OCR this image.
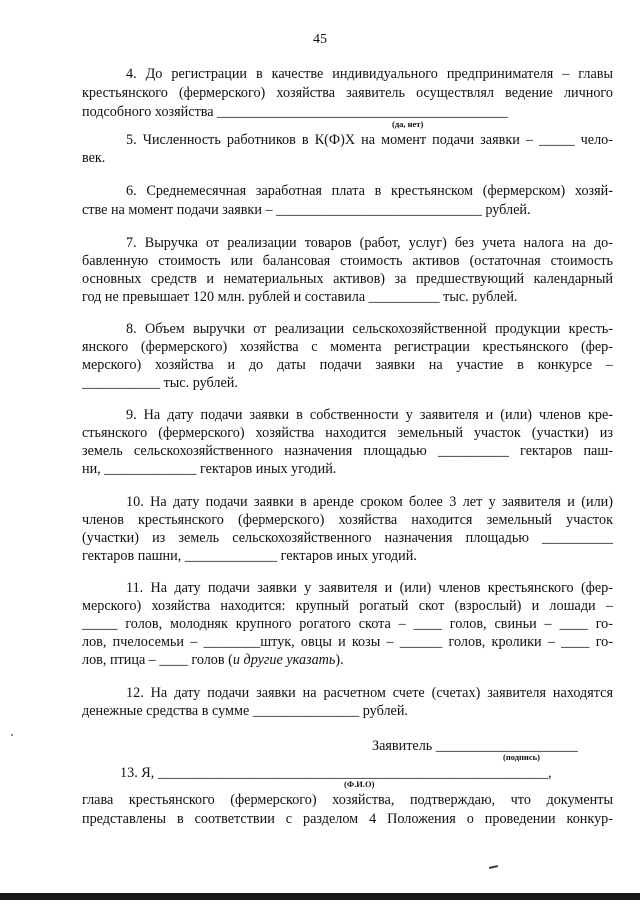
45
4. До регистрации в качестве индивидуального предпринимателя – главы
крестьянского (фермерского) хозяйства заявитель осуществлял ведение личного
подсобного хозяйства _________________________________________
(да, нет)
5. Численность работников в К(Ф)Х на момент подачи заявки – _____ чело-
век.
6. Среднемесячная заработная плата в крестьянском (фермерском) хозяй-
стве на момент подачи заявки – _____________________________ рублей.
7. Выручка от реализации товаров (работ, услуг) без учета налога на до-
бавленную стоимость или балансовая стоимость активов (остаточная стоимость
основных средств и нематериальных активов) за предшествующий календарный
год не превышает 120 млн. рублей и составила __________ тыс. рублей.
8. Объем выручки от реализации сельскохозяйственной продукции кресть-
янского (фермерского) хозяйства с момента регистрации крестьянского (фер-
мерского) хозяйства и до даты подачи заявки на участие в конкурсе –
___________ тыс. рублей.
9. На дату подачи заявки в собственности у заявителя и (или) членов кре-
стьянского (фермерского) хозяйства находится земельный участок (участки) из
земель сельскохозяйственного назначения площадью __________ гектаров паш-
ни, _____________ гектаров иных угодий.
10. На дату подачи заявки в аренде сроком более 3 лет у заявителя и (или)
членов крестьянского (фермерского) хозяйства находится земельный участок
(участки) из земель сельскохозяйственного назначения площадью __________
гектаров пашни, _____________ гектаров иных угодий.
11. На дату подачи заявки у заявителя и (или) членов крестьянского (фер-
мерского) хозяйства находится: крупный рогатый скот (взрослый) и лошади –
_____ голов, молодняк крупного рогатого скота – ____ голов, свиньи – ____ го-
лов, пчелосемьи – ________штук, овцы и козы – ______ голов, кролики – ____ го-
лов, птица – ____ голов (и другие указать).
12. На дату подачи заявки на расчетном счете (счетах) заявителя находятся
денежные средства в сумме _______________ рублей.
Заявитель ____________________
(подпись)
13. Я, _______________________________________________________,
(Ф.И.О)
глава крестьянского (фермерского) хозяйства, подтверждаю, что документы
представлены в соответствии с разделом 4 Положения о проведении конкур-
